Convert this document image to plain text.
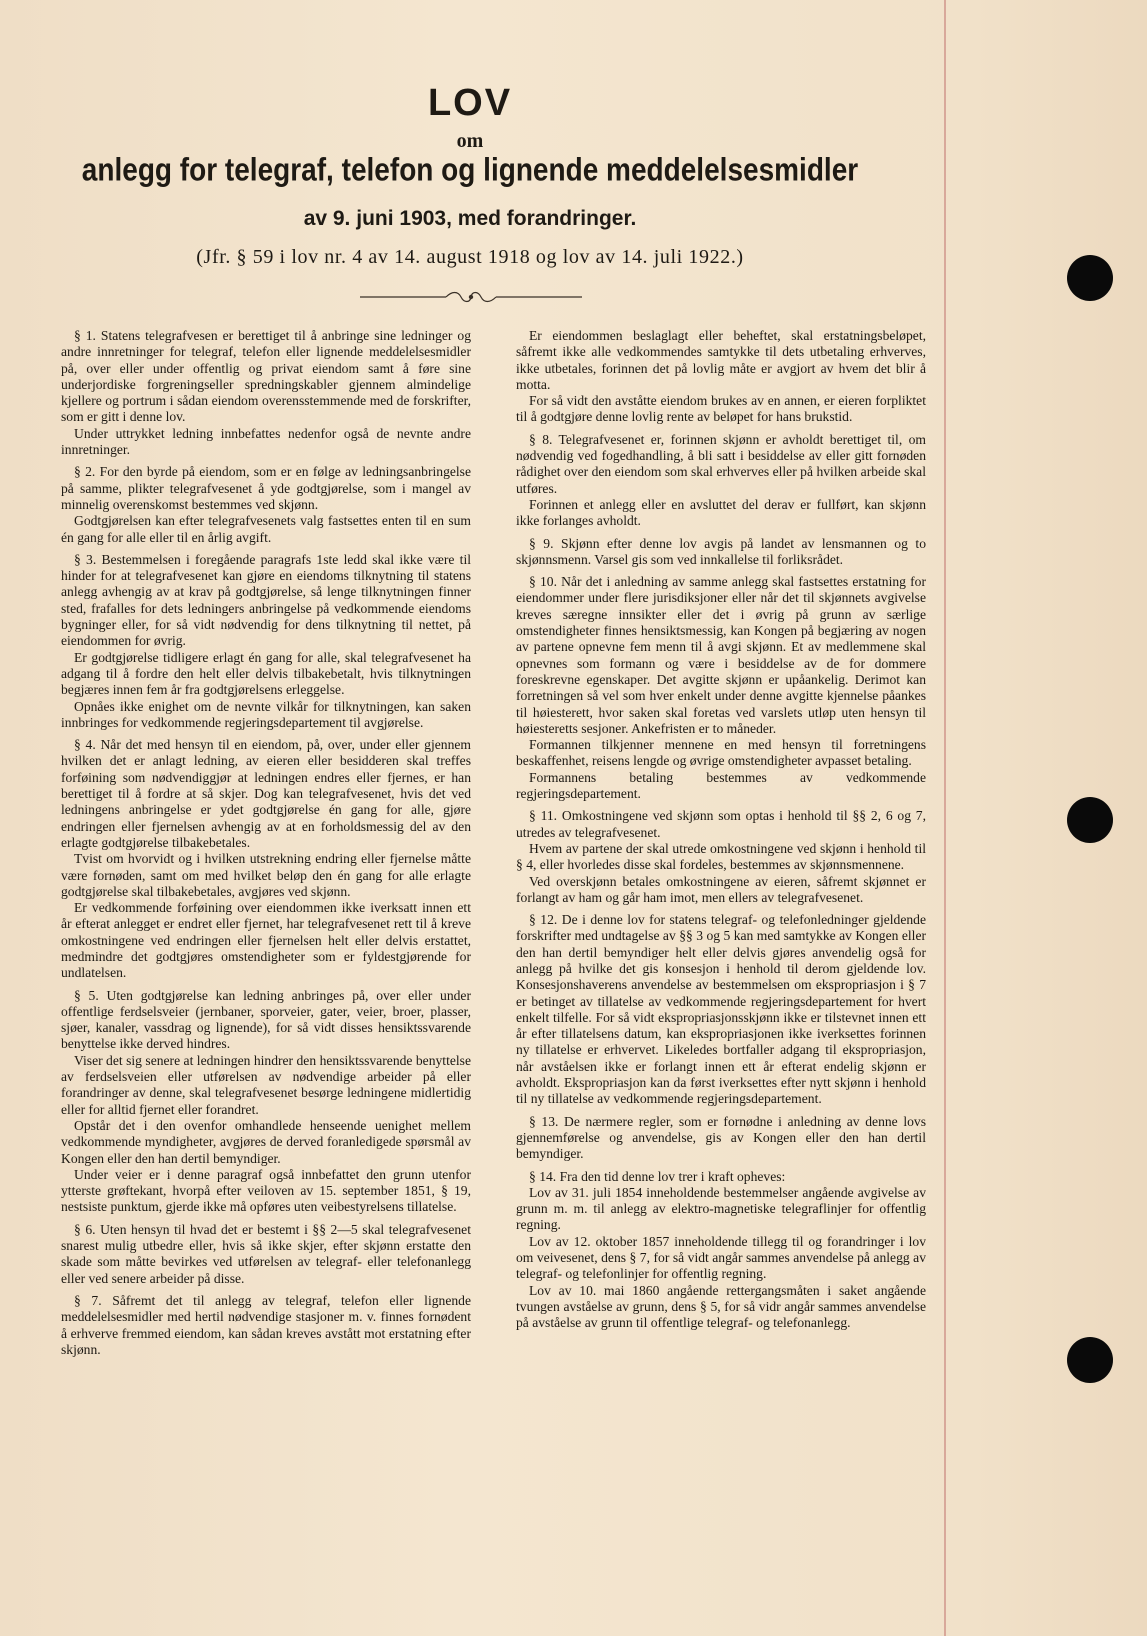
LOV
om
anlegg for telegraf, telefon og lignende meddelelsesmidler
av 9. juni 1903, med forandringer.
(Jfr. § 59 i lov nr. 4 av 14. august 1918 og lov av 14. juli 1922.)

§ 1. Statens telegrafvesen er berettiget til å anbringe sine ledninger og andre innretninger for telegraf, telefon eller lignende meddelelsesmidler på, over eller under offentlig og privat eiendom samt å føre sine underjordiske forgreningseller spredningskabler gjennem almindelige kjellere og portrum i sådan eiendom overensstemmende med de forskrifter, som er gitt i denne lov.

Under uttrykket ledning innbefattes nedenfor også de nevnte andre innretninger.

§ 2. For den byrde på eiendom, som er en følge av ledningsanbringelse på samme, plikter telegrafvesenet å yde godtgjørelse, som i mangel av minnelig overenskomst bestemmes ved skjønn.

Godtgjørelsen kan efter telegrafvesenets valg fastsettes enten til en sum én gang for alle eller til en årlig avgift.

§ 3. Bestemmelsen i foregående paragrafs 1ste ledd skal ikke være til hinder for at telegrafvesenet kan gjøre en eiendoms tilknytning til statens anlegg avhengig av at krav på godtgjørelse, så lenge tilknytningen finner sted, frafalles for dets ledningers anbringelse på vedkommende eiendoms bygninger eller, for så vidt nødvendig for dens tilknytning til nettet, på eiendommen for øvrig.

Er godtgjørelse tidligere erlagt én gang for alle, skal telegrafvesenet ha adgang til å fordre den helt eller delvis tilbakebetalt, hvis tilknytningen begjæres innen fem år fra godtgjørelsens erleggelse.

Opnåes ikke enighet om de nevnte vilkår for tilknytningen, kan saken innbringes for vedkommende regjeringsdepartement til avgjørelse.

§ 4. Når det med hensyn til en eiendom, på, over, under eller gjennem hvilken det er anlagt ledning, av eieren eller besidderen skal treffes forføining som nødvendiggjør at ledningen endres eller fjernes, er han berettiget til å fordre at så skjer. Dog kan telegrafvesenet, hvis det ved ledningens anbringelse er ydet godtgjørelse én gang for alle, gjøre endringen eller fjernelsen avhengig av at en forholdsmessig del av den erlagte godtgjørelse tilbakebetales.

Tvist om hvorvidt og i hvilken utstrekning endring eller fjernelse måtte være fornøden, samt om med hvilket beløp den én gang for alle erlagte godtgjørelse skal tilbakebetales, avgjøres ved skjønn.

Er vedkommende forføining over eiendommen ikke iverksatt innen ett år efterat anlegget er endret eller fjernet, har telegrafvesenet rett til å kreve omkostningene ved endringen eller fjernelsen helt eller delvis erstattet, medmindre det godtgjøres omstendigheter som er fyldestgjørende for undlatelsen.

§ 5. Uten godtgjørelse kan ledning anbringes på, over eller under offentlige ferdselsveier (jernbaner, sporveier, gater, veier, broer, plasser, sjøer, kanaler, vassdrag og lignende), for så vidt disses hensiktssvarende benyttelse ikke derved hindres.

Viser det sig senere at ledningen hindrer den hensiktssvarende benyttelse av ferdselsveien eller utførelsen av nødvendige arbeider på eller forandringer av denne, skal telegrafvesenet besørge ledningene midlertidig eller for alltid fjernet eller forandret.

Opstår det i den ovenfor omhandlede henseende uenighet mellem vedkommende myndigheter, avgjøres de derved foranledigede spørsmål av Kongen eller den han dertil bemyndiger.

Under veier er i denne paragraf også innbefattet den grunn utenfor ytterste grøftekant, hvorpå efter veiloven av 15. september 1851, § 19, nestsiste punktum, gjerde ikke må opføres uten veibestyrelsens tillatelse.

§ 6. Uten hensyn til hvad det er bestemt i §§ 2—5 skal telegrafvesenet snarest mulig utbedre eller, hvis så ikke skjer, efter skjønn erstatte den skade som måtte bevirkes ved utførelsen av telegraf- eller telefonanlegg eller ved senere arbeider på disse.

§ 7. Såfremt det til anlegg av telegraf, telefon eller lignende meddelelsesmidler med hertil nødvendige stasjoner m. v. finnes fornødent å erhverve fremmed eiendom, kan sådan kreves avstått mot erstatning efter skjønn.

Er eiendommen beslaglagt eller beheftet, skal erstatningsbeløpet, såfremt ikke alle vedkommendes samtykke til dets utbetaling erhverves, ikke utbetales, forinnen det på lovlig måte er avgjort av hvem det blir å motta.

For så vidt den avståtte eiendom brukes av en annen, er eieren forpliktet til å godtgjøre denne lovlig rente av beløpet for hans brukstid.

§ 8. Telegrafvesenet er, forinnen skjønn er avholdt berettiget til, om nødvendig ved fogedhandling, å bli satt i besiddelse av eller gitt fornøden rådighet over den eiendom som skal erhverves eller på hvilken arbeide skal utføres.

Forinnen et anlegg eller en avsluttet del derav er fullført, kan skjønn ikke forlanges avholdt.

§ 9. Skjønn efter denne lov avgis på landet av lensmannen og to skjønnsmenn. Varsel gis som ved innkallelse til forliksrådet.

§ 10. Når det i anledning av samme anlegg skal fastsettes erstatning for eiendommer under flere jurisdiksjoner eller når det til skjønnets avgivelse kreves særegne innsikter eller det i øvrig på grunn av særlige omstendigheter finnes hensiktsmessig, kan Kongen på begjæring av nogen av partene opnevne fem menn til å avgi skjønn. Et av medlemmene skal opnevnes som formann og være i besiddelse av de for dommere foreskrevne egenskaper. Det avgitte skjønn er upåankelig. Derimot kan forretningen så vel som hver enkelt under denne avgitte kjennelse påankes til høiesterett, hvor saken skal foretas ved varslets utløp uten hensyn til høiesteretts sesjoner. Ankefristen er to måneder.

Formannen tilkjenner mennene en med hensyn til forretningens beskaffenhet, reisens lengde og øvrige omstendigheter avpasset betaling.

Formannens betaling bestemmes av vedkommende regjeringsdepartement.

§ 11. Omkostningene ved skjønn som optas i henhold til §§ 2, 6 og 7, utredes av telegrafvesenet.

Hvem av partene der skal utrede omkostningene ved skjønn i henhold til § 4, eller hvorledes disse skal fordeles, bestemmes av skjønnsmennene.

Ved overskjønn betales omkostningene av eieren, såfremt skjønnet er forlangt av ham og går ham imot, men ellers av telegrafvesenet.

§ 12. De i denne lov for statens telegraf- og telefonledninger gjeldende forskrifter med undtagelse av §§ 3 og 5 kan med samtykke av Kongen eller den han dertil bemyndiger helt eller delvis gjøres anvendelig også for anlegg på hvilke det gis konsesjon i henhold til derom gjeldende lov. Konsesjonshaverens anvendelse av bestemmelsen om ekspropriasjon i § 7 er betinget av tillatelse av vedkommende regjeringsdepartement for hvert enkelt tilfelle. For så vidt ekspropriasjonsskjønn ikke er tilstevnet innen ett år efter tillatelsens datum, kan ekspropriasjonen ikke iverksettes forinnen ny tillatelse er erhvervet. Likeledes bortfaller adgang til ekspropriasjon, når avståelsen ikke er forlangt innen ett år efterat endelig skjønn er avholdt. Ekspropriasjon kan da først iverksettes efter nytt skjønn i henhold til ny tillatelse av vedkommende regjeringsdepartement.

§ 13. De nærmere regler, som er fornødne i anledning av denne lovs gjennemførelse og anvendelse, gis av Kongen eller den han dertil bemyndiger.

§ 14. Fra den tid denne lov trer i kraft opheves:

Lov av 31. juli 1854 inneholdende bestemmelser angående avgivelse av grunn m. m. til anlegg av elektro-magnetiske telegraflinjer for offentlig regning.

Lov av 12. oktober 1857 inneholdende tillegg til og forandringer i lov om veivesenet, dens § 7, for så vidt angår sammes anvendelse på anlegg av telegraf- og telefonlinjer for offentlig regning.

Lov av 10. mai 1860 angående rettergangsmåten i saket angående tvungen avståelse av grunn, dens § 5, for så vidr angår sammes anvendelse på avståelse av grunn til offentlige telegraf- og telefonanlegg.
